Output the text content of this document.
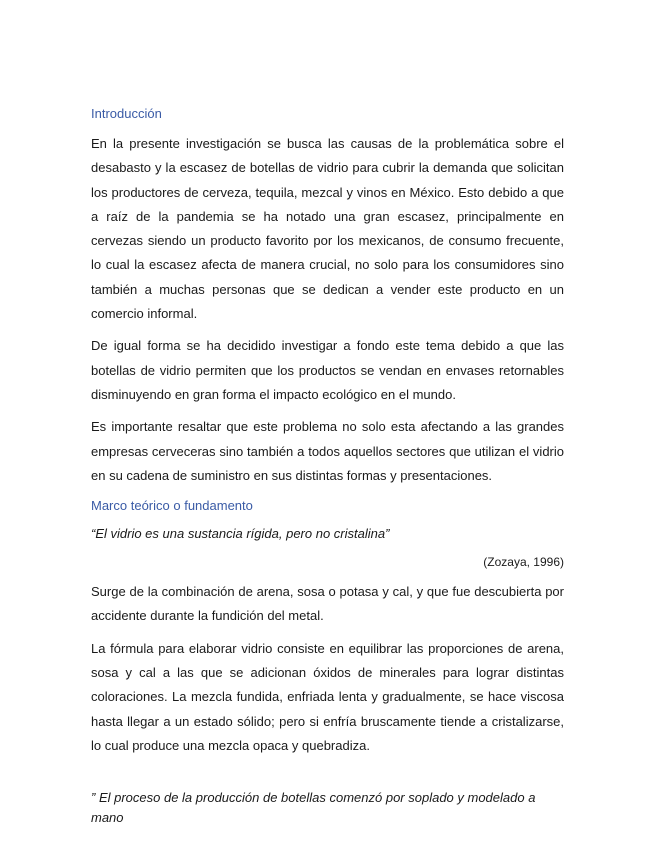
Introducción

En la presente investigación se busca las causas de la problemática sobre el desabasto y la escasez de botellas de vidrio para cubrir la demanda que solicitan los productores de cerveza, tequila, mezcal y vinos en México. Esto debido a que a raíz de la pandemia se ha notado una gran escasez, principalmente en cervezas siendo un producto favorito por los mexicanos, de consumo frecuente, lo cual la escasez afecta de manera crucial, no solo para los consumidores sino también a muchas personas que se dedican a vender este producto en un comercio informal.

De igual forma se ha decidido investigar a fondo este tema debido a que las botellas de vidrio permiten que los productos se vendan en envases retornables disminuyendo en gran forma el impacto ecológico en el mundo.

Es importante resaltar que este problema no solo esta afectando a las grandes empresas cerveceras sino también a todos aquellos sectores que utilizan el vidrio en su cadena de suministro en sus distintas formas y presentaciones.

Marco teórico o fundamento

“El vidrio es una sustancia rígida, pero no cristalina”

(Zozaya, 1996)

Surge de la combinación de arena, sosa o potasa y cal, y que fue descubierta por accidente durante la fundición del metal.

La fórmula para elaborar vidrio consiste en equilibrar las proporciones de arena, sosa y cal a las que se adicionan óxidos de minerales para lograr distintas coloraciones. La mezcla fundida, enfriada lenta y gradualmente, se hace viscosa hasta llegar a un estado sólido; pero si enfría bruscamente tiende a cristalizarse, lo cual produce una mezcla opaca y quebradiza.

” El proceso de la producción de botellas comenzó por soplado y modelado a mano
